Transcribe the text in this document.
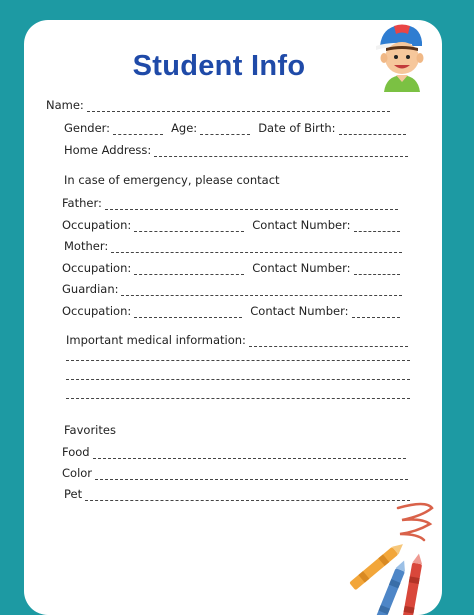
Student Info
Name:
Gender:	Age:	Date of Birth:
Home Address:
In case of emergency, please contact
Father:
Occupation:	Contact Number:
Mother:
Occupation:	Contact Number:
Guardian:
Occupation:	Contact Number:
Important medical information:
Favorites
Food
Color
Pet
